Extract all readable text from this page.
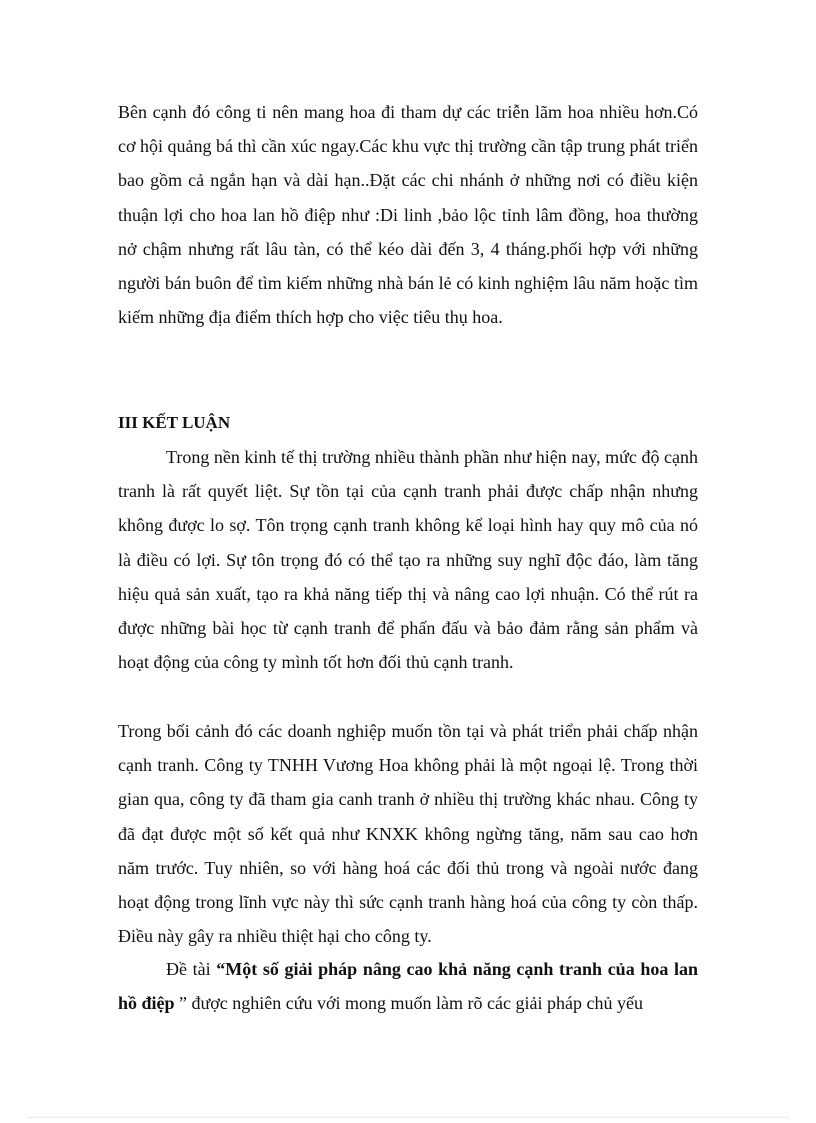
Bên cạnh đó công ti nên mang hoa đi tham dự các triễn lãm hoa nhiều hơn.Có cơ hội quảng bá thì cần xúc ngay.Các khu vực thị trường cần tập trung phát triển bao gồm cả ngắn hạn và dài hạn..Đặt các chi nhánh ở những nơi có điều kiện thuận lợi cho hoa lan hồ điệp như :Di linh ,bảo lộc tỉnh lâm đồng, hoa thường nở chậm nhưng rất lâu tàn, có thể kéo dài đến 3, 4 tháng.phối hợp với những người bán buôn để tìm kiếm những nhà bán lẻ có kinh nghiệm lâu năm hoặc tìm kiếm những địa điểm thích hợp cho việc tiêu thụ hoa.

III KẾT LUẬN

Trong nền kinh tế thị trường nhiều thành phần như hiện nay, mức độ cạnh tranh là rất quyết liệt. Sự tồn tại của cạnh tranh phải được chấp nhận nhưng không được lo sợ. Tôn trọng cạnh tranh không kể loại hình hay quy mô của nó là điều có lợi. Sự tôn trọng đó có thể tạo ra những suy nghĩ độc đáo, làm tăng hiệu quả sản xuất, tạo ra khả năng tiếp thị và nâng cao lợi nhuận. Có thể rút ra được những bài học từ cạnh tranh để phấn đấu và bảo đảm rằng sản phẩm và hoạt động của công ty mình tốt hơn đối thủ cạnh tranh.

Trong bối cảnh đó các doanh nghiệp muốn tồn tại và phát triển phải chấp nhận cạnh tranh. Công ty TNHH Vương Hoa không phải là một ngoại lệ. Trong thời gian qua, công ty đã tham gia canh tranh ở nhiều thị trường khác nhau. Công ty đã đạt được một số kết quả như KNXK không ngừng tăng, năm sau cao hơn năm trước. Tuy nhiên, so với hàng hoá các đối thủ trong và ngoài nước đang hoạt động trong lĩnh vực này thì sức cạnh tranh hàng hoá của công ty còn thấp. Điều này gây ra nhiều thiệt hại cho công ty.

Đề tài “Một số giải pháp nâng cao khả năng cạnh tranh của hoa lan hồ điệp ” được nghiên cứu với mong muốn làm rõ các giải pháp chủ yếu
